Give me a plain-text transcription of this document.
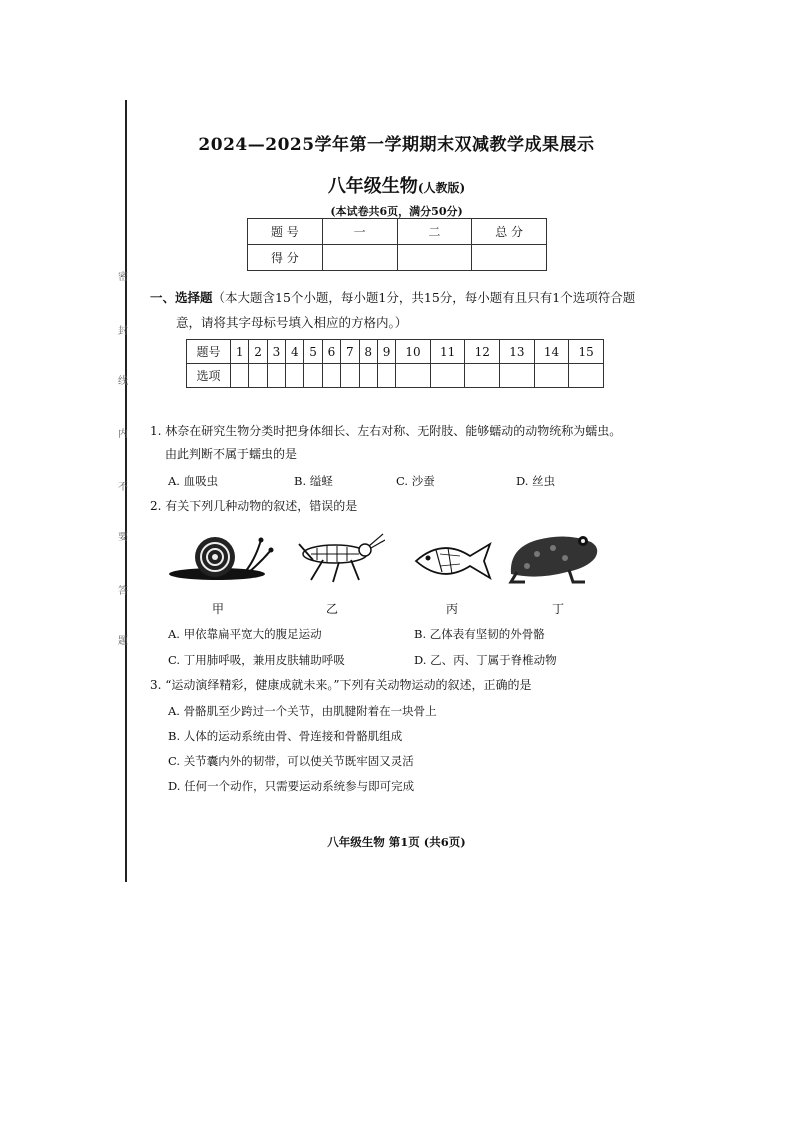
密
封
线
内
不
要
答
题
2024—2025学年第一学期期末双减教学成果展示
八年级生物(人教版)
(本试卷共6页，满分50分)
题 号	一	二	总 分
得 分			
一、选择题（本大题含15个小题，每小题1分，共15分，每小题有且只有1个选项符合题
意，请将其字母标号填入相应的方格内。）
题号	1	2	3	4	5	6	7	8	9	10	11	12	13	14	15
选项															
1. 林奈在研究生物分类时把身体细长、左右对称、无附肢、能够蠕动的动物统称为蠕虫。
由此判断不属于蠕虫的是
A. 血吸虫	B. 缢蛏	C. 沙蚕	D. 丝虫
2. 有关下列几种动物的叙述，错误的是
甲	乙	丙	丁
A. 甲依靠扁平宽大的腹足运动	B. 乙体表有坚韧的外骨骼
C. 丁用肺呼吸，兼用皮肤辅助呼吸	D. 乙、丙、丁属于脊椎动物
3. “运动演绎精彩，健康成就未来。”下列有关动物运动的叙述，正确的是
A. 骨骼肌至少跨过一个关节，由肌腱附着在一块骨上
B. 人体的运动系统由骨、骨连接和骨骼肌组成
C. 关节囊内外的韧带，可以使关节既牢固又灵活
D. 任何一个动作，只需要运动系统参与即可完成
八年级生物 第1页 (共6页)
